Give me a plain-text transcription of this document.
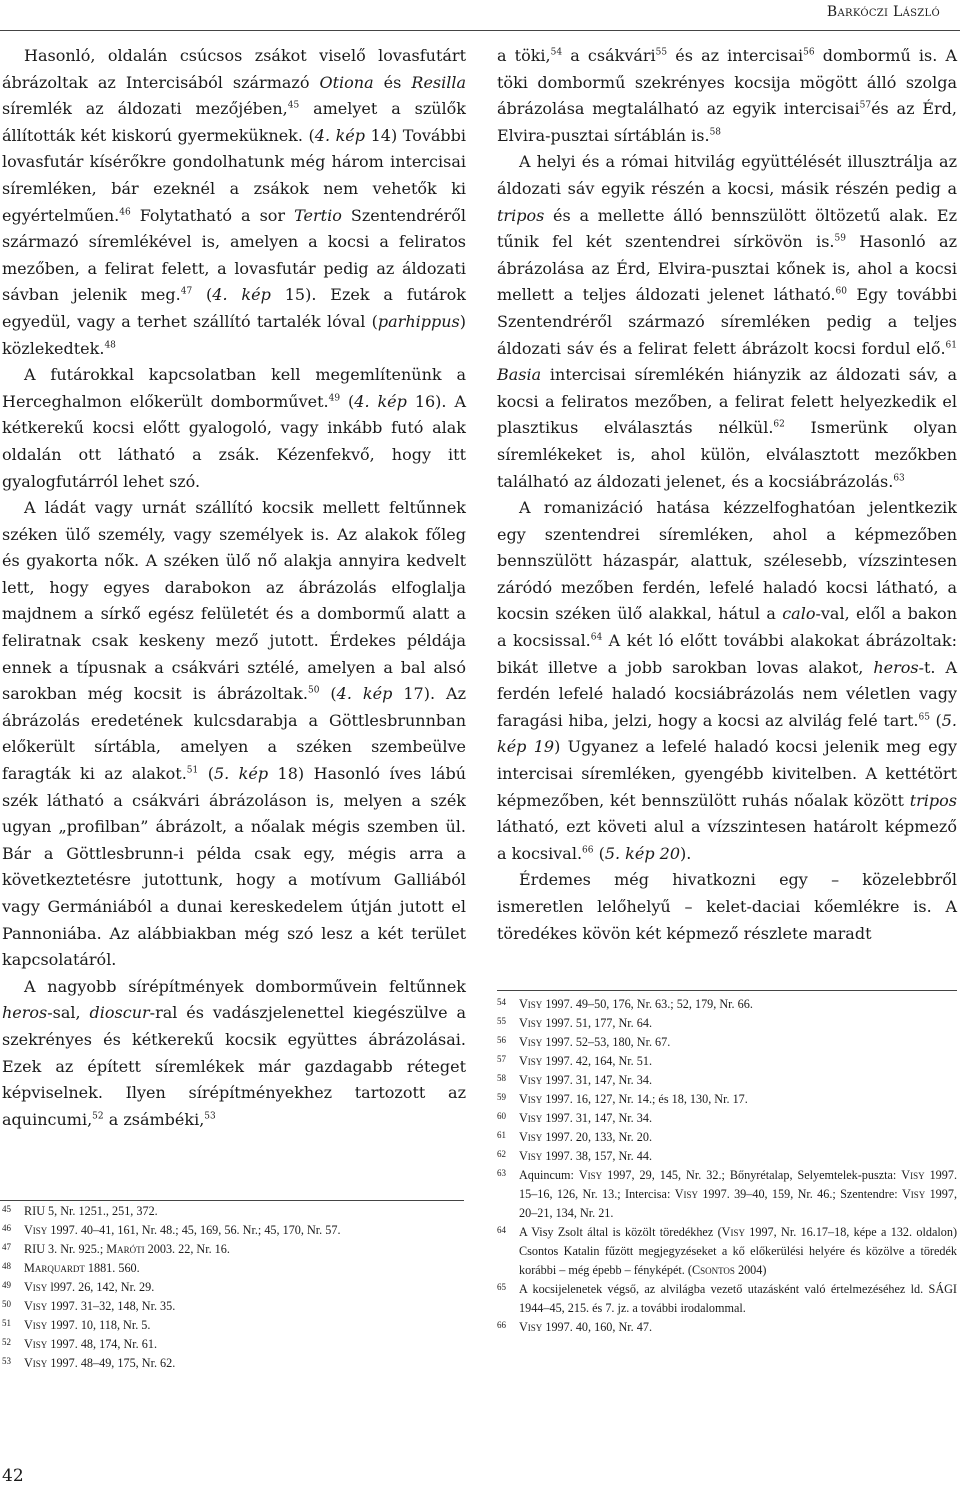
Barkóczi László

Hasonló, oldalán csúcsos zsákot viselő lovasfutárt ábrázoltak az Intercisából származó Otiona és Resilla síremlék az áldozati mezőjében,$^{45}$ amelyet a szülők állították két kiskorú gyermeküknek. (4. kép 14) További lovasfutár kísérőkre gondolhatunk még három intercisai síremléken, bár ezeknél a zsákok nem vehetők ki egyértelműen.$^{46}$ Folytatható a sor Tertio Szentendréről származó síremlékével is, amelyen a kocsi a feliratos mezőben, a felirat felett, a lovasfutár pedig az áldozati sávban jelenik meg.$^{47}$ (4. kép 15). Ezek a futárok egyedül, vagy a terhet szállító tartalék lóval (parhippus) közlekedtek.$^{48}$

A futárokkal kapcsolatban kell megemlítenünk a Herceghalmon előkerült domborművet.$^{49}$ (4. kép 16). A kétkerekű kocsi előtt gyalogoló, vagy inkább futó alak oldalán ott látható a zsák. Kézenfekvő, hogy itt gyalogfutárról lehet szó.

A ládát vagy urnát szállító kocsik mellett feltűnnek széken ülő személy, vagy személyek is. Az alakok főleg és gyakorta nők. A széken ülő nő alakja annyira kedvelt lett, hogy egyes darabokon az ábrázolás elfoglalja majdnem a sírkő egész felületét és a dombormű alatt a feliratnak csak keskeny mező jutott. Érdekes példája ennek a típusnak a csákvári sztélé, amelyen a bal alsó sarokban még kocsit is ábrázoltak.$^{50}$ (4. kép 17). Az ábrázolás eredetének kulcsdarabja a Göttlesbrunnban előkerült sírtábla, amelyen a széken szembeülve faragták ki az alakot.$^{51}$ (5. kép 18) Hasonló íves lábú szék látható a csákvári ábrázoláson is, melyen a szék ugyan „profilban” ábrázolt, a nőalak mégis szemben ül. Bár a Göttlesbrunn-i példa csak egy, mégis arra a következtetésre jutottunk, hogy a motívum Galliából vagy Germániából a dunai kereskedelem útján jutott el Pannoniába. Az alábbiakban még szó lesz a két terület kapcsolatáról.

A nagyobb sírépítmények domborművein feltűnnek heros-sal, dioscur-ral és vadászjelenettel kiegészülve a szekrényes és kétkerekű kocsik együttes ábrázolásai. Ezek az épített síremlékek már gazdagabb réteget képviselnek. Ilyen sírépítményekhez tartozott az aquincumi,$^{52}$ a zsámbéki,$^{53}$

a töki,$^{54}$ a csákvári$^{55}$ és az intercisai$^{56}$ dombormű is. A töki dombormű szekrényes kocsija mögött álló szolga ábrázolása megtalálható az egyik intercisai$^{57}$és az Érd, Elvira-pusztai sírtáblán is.$^{58}$

A helyi és a római hitvilág együttélését illusztrálja az áldozati sáv egyik részén a kocsi, másik részén pedig a tripos és a mellette álló bennszülött öltözetű alak. Ez tűnik fel két szentendrei sírkövön is.$^{59}$ Hasonló az ábrázolása az Érd, Elvira-pusztai kőnek is, ahol a kocsi mellett a teljes áldozati jelenet látható.$^{60}$ Egy további Szentendréről származó síremléken pedig a teljes áldozati sáv és a felirat felett ábrázolt kocsi fordul elő.$^{61}$ Basia intercisai síremlékén hiányzik az áldozati sáv, a kocsi a feliratos mezőben, a felirat felett helyezkedik el plasztikus elválasztás nélkül.$^{62}$ Ismerünk olyan síremlékeket is, ahol külön, elválasztott mezőkben található az áldozati jelenet, és a kocsiábrázolás.$^{63}$

A romanizáció hatása kézzelfoghatóan jelentkezik egy szentendrei síremléken, ahol a képmezőben bennszülött házaspár, alattuk, szélesebb, vízszintesen záródó mezőben ferdén, lefelé haladó kocsi látható, a kocsin széken ülő alakkal, hátul a calo-val, elől a bakon a kocsissal.$^{64}$ A két ló előtt további alakokat ábrázoltak: bikát illetve a jobb sarokban lovas alakot, heros-t. A ferdén lefelé haladó kocsiábrázolás nem véletlen vagy faragási hiba, jelzi, hogy a kocsi az alvilág felé tart.$^{65}$ (5. kép 19) Ugyanez a lefelé haladó kocsi jelenik meg egy intercisai síremléken, gyengébb kivitelben. A kettétört képmezőben, két bennszülött ruhás nőalak között tripos látható, ezt követi alul a vízszintesen határolt képmező a kocsival.$^{66}$ (5. kép 20).

Érdemes még hivatkozni egy – közelebbről ismeretlen lelőhelyű – kelet-daciai kőemlékre is. A töredékes kövön két képmező részlete maradt

45	RIU 5, Nr. 1251., 251, 372.
46	Visy 1997. 40–41, 161, Nr. 48.; 45, 169, 56. Nr.; 45, 170, Nr. 57.
47	RIU 3. Nr. 925.; Maróti 2003. 22, Nr. 16.
48	Marquardt 1881. 560.
49	Visy l997. 26, 142, Nr. 29.
50	Visy 1997. 31–32, 148, Nr. 35.
51	Visy 1997. 10, 118, Nr. 5.
52	Visy 1997. 48, 174, Nr. 61.
53	Visy 1997. 48–49, 175, Nr. 62.
54	Visy 1997. 49–50, 176, Nr. 63.; 52, 179, Nr. 66.
55	Visy 1997. 51, 177, Nr. 64.
56	Visy 1997. 52–53, 180, Nr. 67.
57	Visy 1997. 42, 164, Nr. 51.
58	Visy 1997. 31, 147, Nr. 34.
59	Visy 1997. 16, 127, Nr. 14.; és 18, 130, Nr. 17.
60	Visy 1997. 31, 147, Nr. 34.
61	Visy 1997. 20, 133, Nr. 20.
62	Visy 1997. 38, 157, Nr. 44.
63	Aquincum: Visy 1997, 29, 145, Nr. 32.; Bőnyrétalap, Selyemtelek-puszta: Visy 1997. 15–16, 126, Nr. 13.; Intercisa: Visy 1997. 39–40, 159, Nr. 46.; Szentendre: Visy 1997, 20–21, 134, Nr. 21.
64	A Visy Zsolt által is közölt töredékhez (Visy 1997, Nr. 16.17–18, képe a 132. oldalon) Csontos Katalin fűzött megjegyzéseket a kő előkerülési helyére és közölve a töredék korábbi – még épebb – fényképét. (Csontos 2004)
65	A kocsijelenetek végső, az alvilágba vezető utazásként való értelmezéséhez ld. SÁGI 1944–45, 215. és 7. jz. a további irodalommal.
66	Visy 1997. 40, 160, Nr. 47.
42
